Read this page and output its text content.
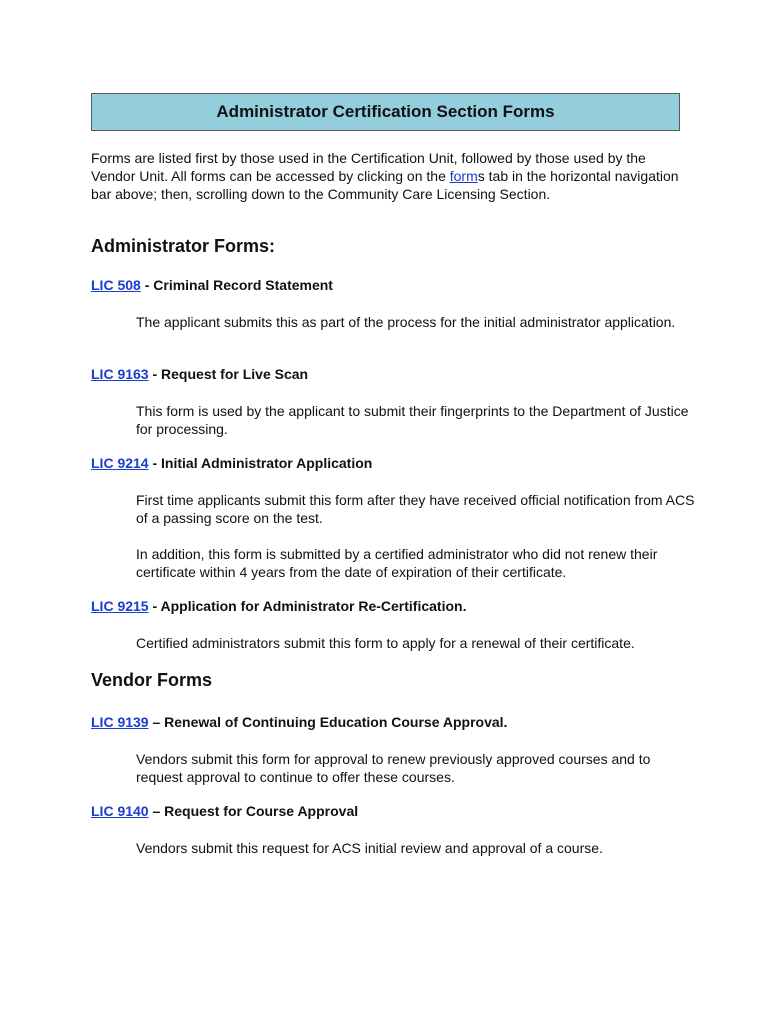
Administrator Certification Section Forms

Forms are listed first by those used in the Certification Unit, followed by those used by the Vendor Unit. All forms can be accessed by clicking on the forms tab in the horizontal navigation bar above; then, scrolling down to the Community Care Licensing Section.

Administrator Forms:

LIC 508 - Criminal Record Statement

The applicant submits this as part of the process for the initial administrator application.

LIC 9163 - Request for Live Scan

This form is used by the applicant to submit their fingerprints to the Department of Justice for processing.

LIC 9214 - Initial Administrator Application

First time applicants submit this form after they have received official notification from ACS of a passing score on the test.

In addition, this form is submitted by a certified administrator who did not renew their certificate within 4 years from the date of expiration of their certificate.

LIC 9215 - Application for Administrator Re-Certification.

Certified administrators submit this form to apply for a renewal of their certificate.

Vendor Forms

LIC 9139 – Renewal of Continuing Education Course Approval.

Vendors submit this form for approval to renew previously approved courses and to request approval to continue to offer these courses.

LIC 9140 – Request for Course Approval

Vendors submit this request for ACS initial review and approval of a course.
